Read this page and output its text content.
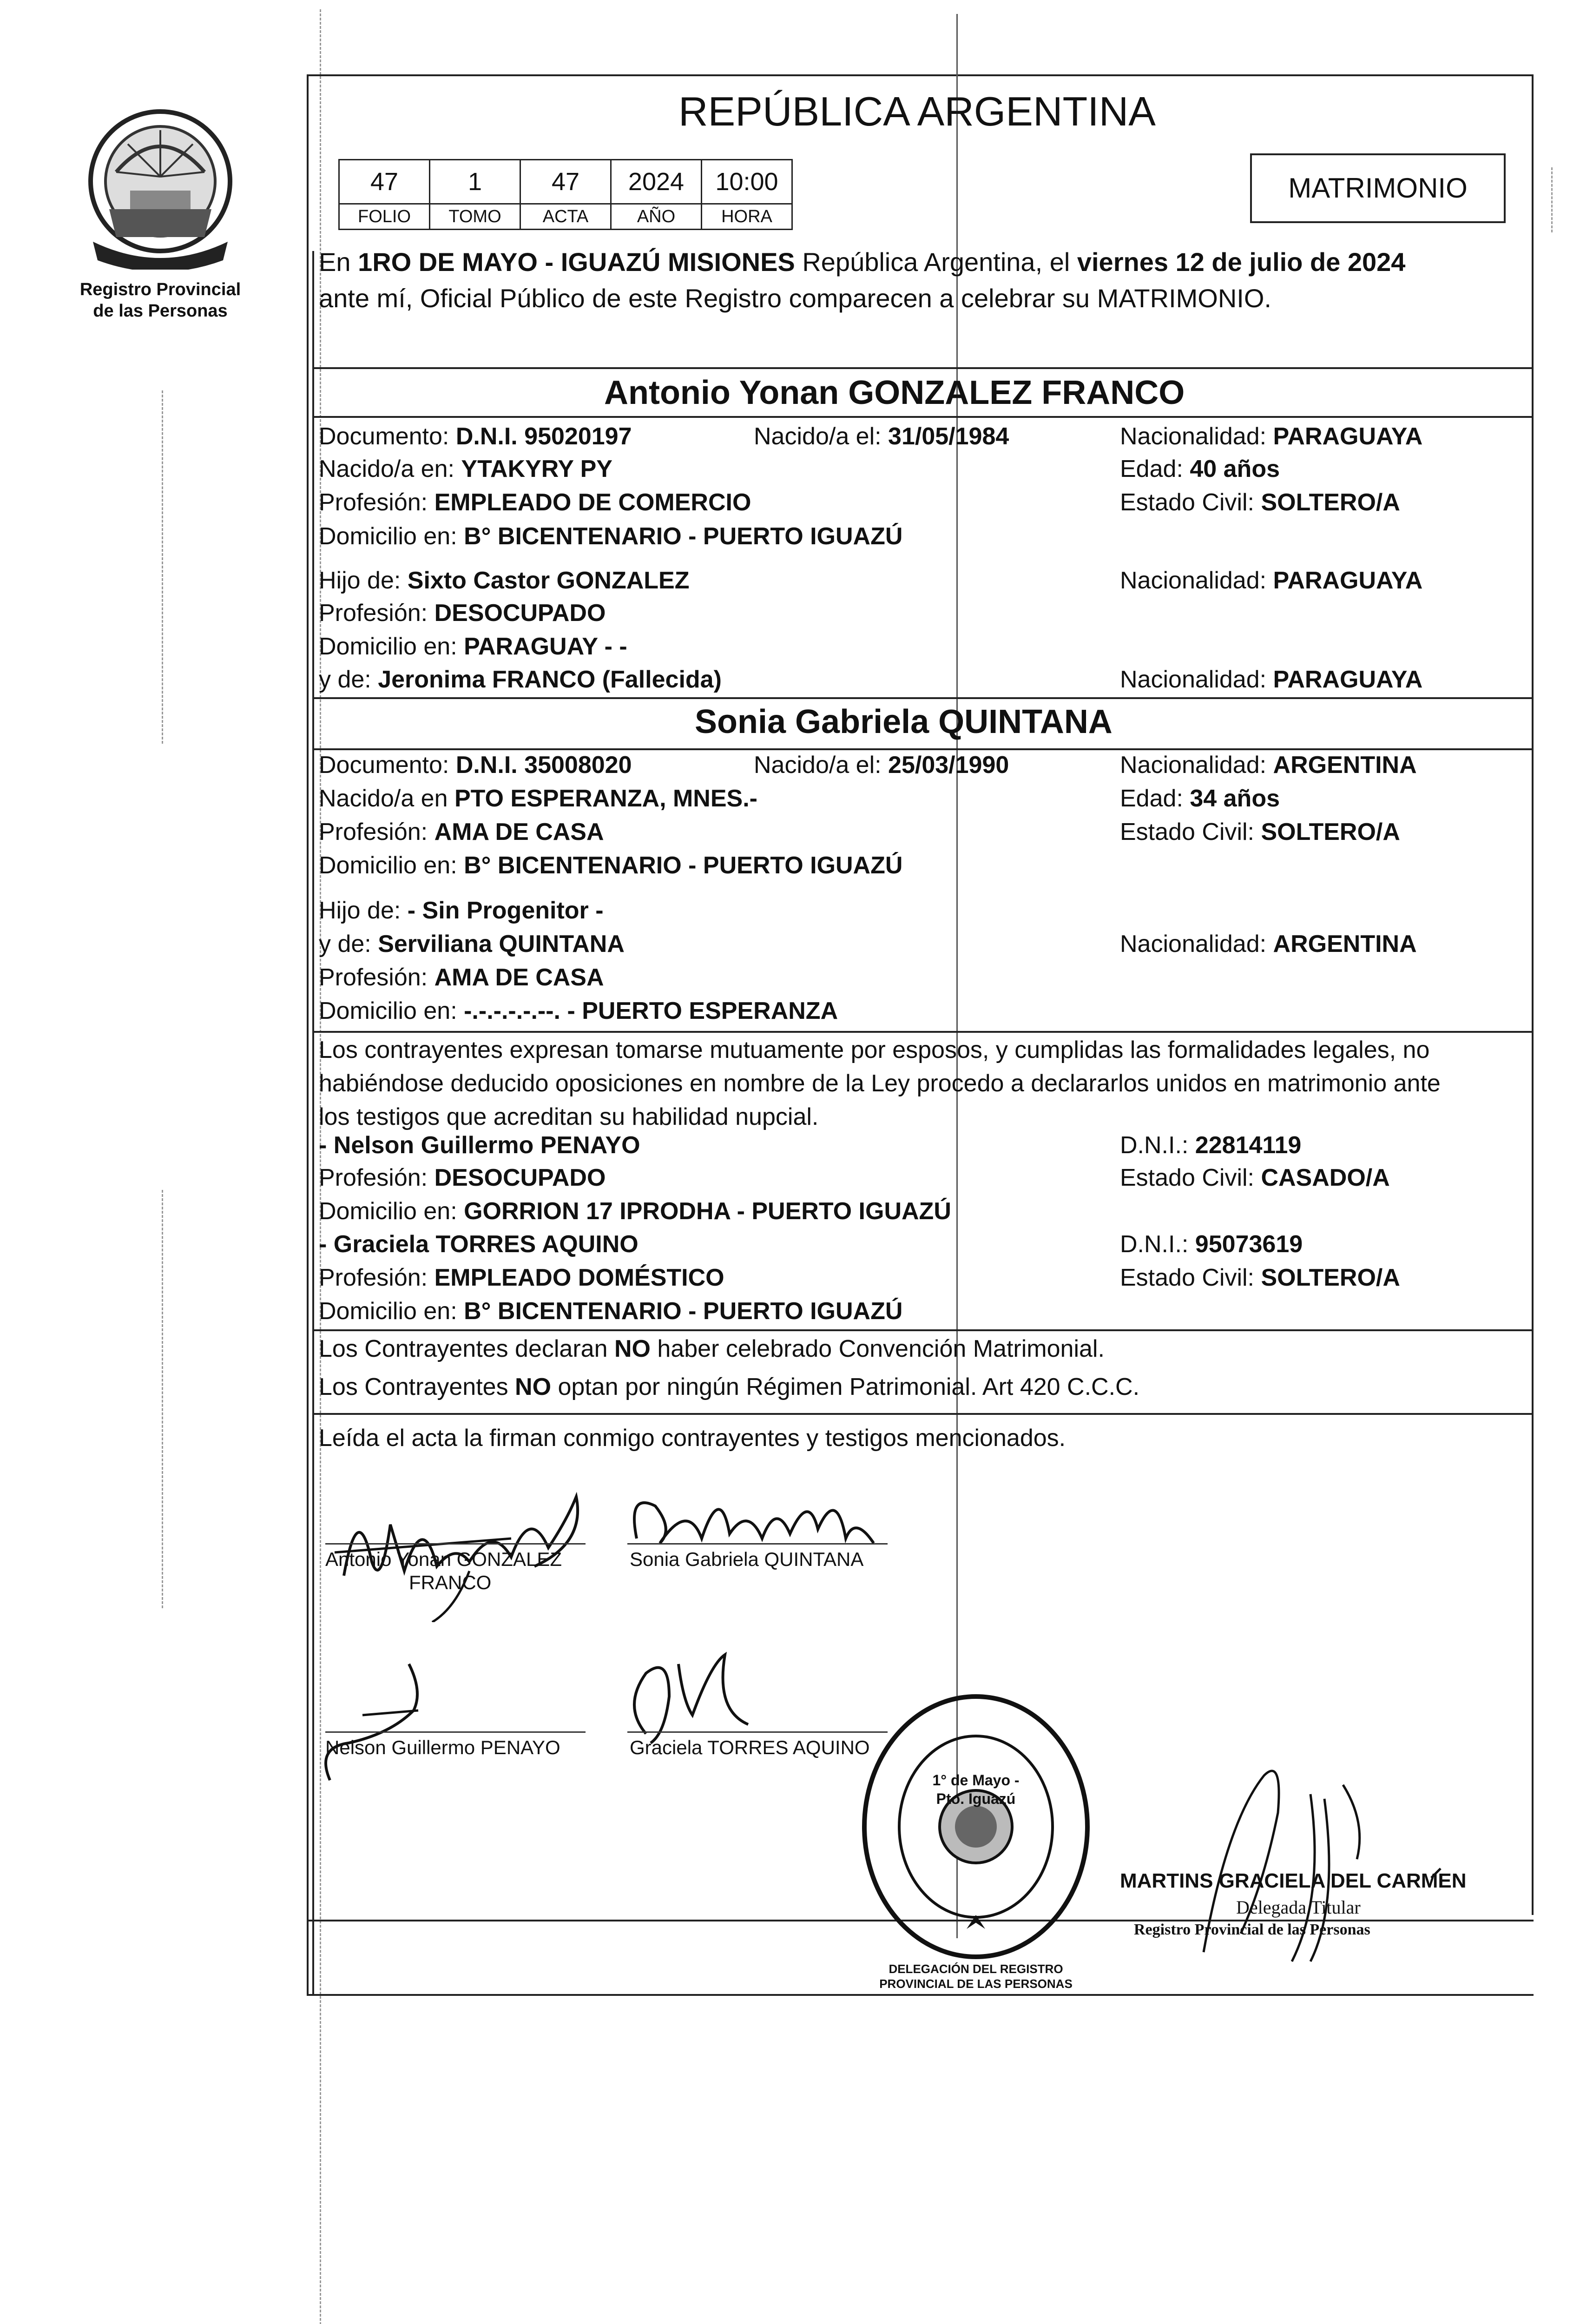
Registro Provincial
de las Personas
REPÚBLICA ARGENTINA
47	1	47	2024	10:00
FOLIO	TOMO	ACTA	AÑO	HORA
MATRIMONIO
En 1RO DE MAYO - IGUAZÚ MISIONES República Argentina, el viernes 12 de julio de 2024
ante mí, Oficial Público de este Registro comparecen a celebrar su MATRIMONIO.
Antonio Yonan GONZALEZ FRANCO
Documento: D.N.I. 95020197	Nacido/a el: 31/05/1984	Nacionalidad: PARAGUAYA
Nacido/a en: YTAKYRY PY	Edad: 40 años
Profesión: EMPLEADO DE COMERCIO	Estado Civil: SOLTERO/A
Domicilio en: B° BICENTENARIO - PUERTO IGUAZÚ
Hijo de: Sixto Castor GONZALEZ	Nacionalidad: PARAGUAYA
Profesión: DESOCUPADO
Domicilio en: PARAGUAY - -
y de: Jeronima FRANCO (Fallecida)	Nacionalidad: PARAGUAYA
Sonia Gabriela QUINTANA
Documento: D.N.I. 35008020	Nacido/a el: 25/03/1990	Nacionalidad: ARGENTINA
Nacido/a en PTO ESPERANZA, MNES.-	Edad: 34 años
Profesión: AMA DE CASA	Estado Civil: SOLTERO/A
Domicilio en: B° BICENTENARIO - PUERTO IGUAZÚ
Hijo de: - Sin Progenitor -
y de: Serviliana QUINTANA	Nacionalidad: ARGENTINA
Profesión: AMA DE CASA
Domicilio en: -.-.-.-.-.--. - PUERTO ESPERANZA
Los contrayentes expresan tomarse mutuamente por esposos, y cumplidas las formalidades legales, no
habiéndose deducido oposiciones en nombre de la Ley procedo a declararlos unidos en matrimonio ante
los testigos que acreditan su habilidad nupcial.
- Nelson Guillermo PENAYO	D.N.I.: 22814119
Profesión: DESOCUPADO	Estado Civil: CASADO/A
Domicilio en: GORRION 17 IPRODHA - PUERTO IGUAZÚ
- Graciela TORRES AQUINO	D.N.I.: 95073619
Profesión: EMPLEADO DOMÉSTICO	Estado Civil: SOLTERO/A
Domicilio en: B° BICENTENARIO - PUERTO IGUAZÚ
Los Contrayentes declaran NO haber celebrado Convención Matrimonial.
Los Contrayentes NO optan por ningún Régimen Patrimonial. Art 420 C.C.C.
Leída el acta la firman conmigo contrayentes y testigos mencionados.
Antonio Yonan GONZALEZ
FRANCO
Sonia Gabriela QUINTANA
Nelson Guillermo PENAYO	Graciela TORRES AQUINO
1° de Mayo - Pto. Iguazú
DELEGACIÓN DEL REGISTRO PROVINCIAL DE LAS PERSONAS
MARTINS GRACIELA DEL CARMEN
Delegada Titular
Registro Provincial de las Personas
